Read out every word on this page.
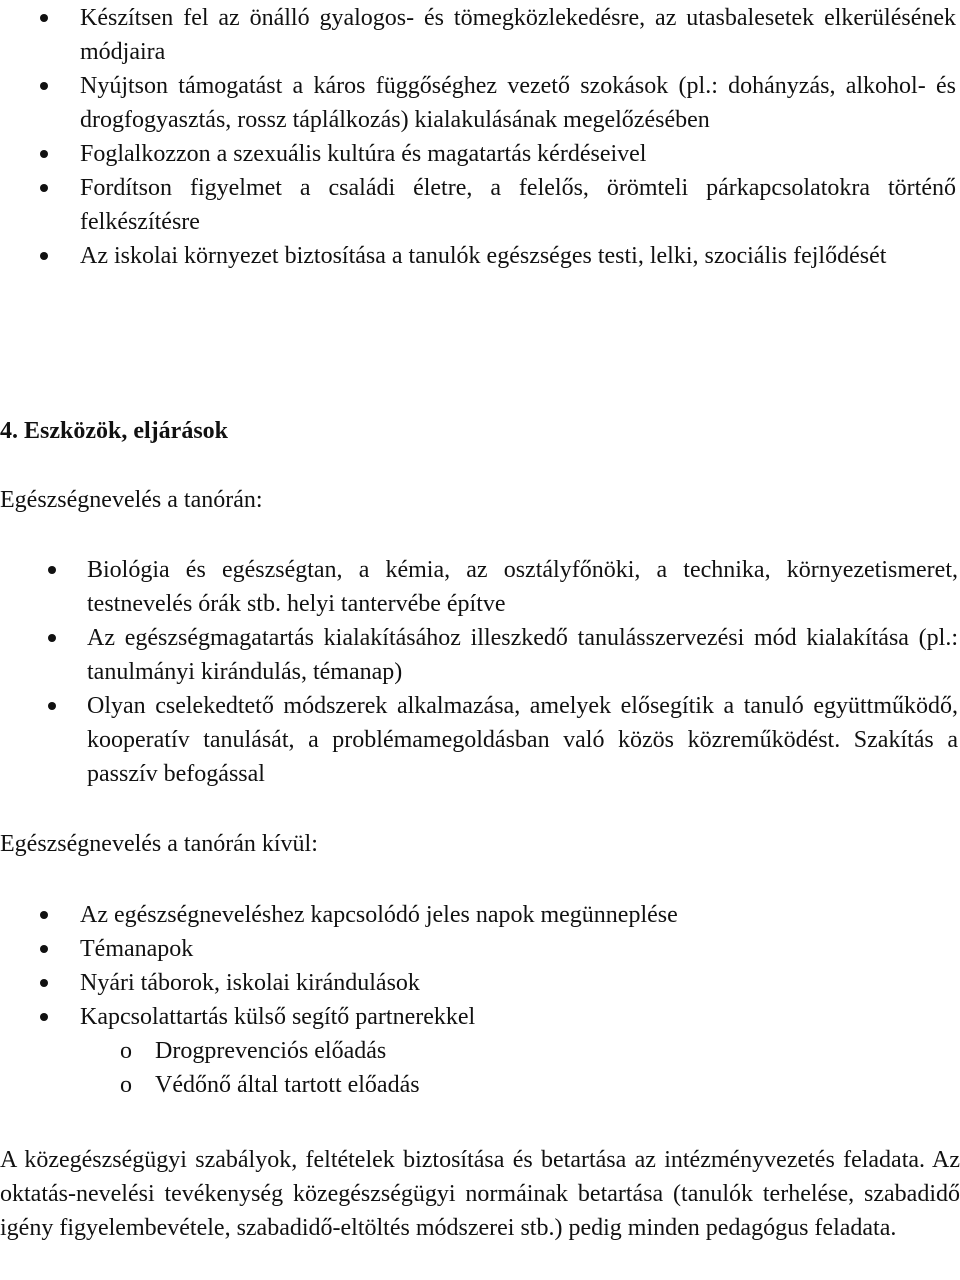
Készítsen fel az önálló gyalogos- és tömegközlekedésre, az utasbalesetek elkerülésének módjaira
Nyújtson támogatást a káros függőséghez vezető szokások (pl.: dohányzás, alkohol- és drogfogyasztás, rossz táplálkozás) kialakulásának megelőzésében
Foglalkozzon a szexuális kultúra és magatartás kérdéseivel
Fordítson figyelmet a családi életre, a felelős, örömteli párkapcsolatokra történő felkészítésre
Az iskolai környezet biztosítása a tanulók egészséges testi, lelki, szociális fejlődését
4. Eszközök, eljárások

Egészségnevelés a tanórán:

Biológia és egészségtan, a kémia, az osztályfőnöki, a technika, környezetismeret, testnevelés órák stb. helyi tantervébe építve
Az egészségmagatartás kialakításához illeszkedő tanulásszervezési mód kialakítása (pl.: tanulmányi kirándulás, témanap)
Olyan cselekedtető módszerek alkalmazása, amelyek elősegítik a tanuló együttműködő, kooperatív tanulását, a problémamegoldásban való közös közreműködést. Szakítás a passzív befogással

Egészségnevelés a tanórán kívül:

Az egészségneveléshez kapcsolódó jeles napok megünneplése
Témanapok
Nyári táborok, iskolai kirándulások
Kapcsolattartás külső segítő partnerekkel
o Drogprevenciós előadás
o Védőnő által tartott előadás

A közegészségügyi szabályok, feltételek biztosítása és betartása az intézményvezetés feladata. Az oktatás-nevelési tevékenység közegészségügyi normáinak betartása (tanulók terhelése, szabadidő igény figyelembevétele, szabadidő-eltöltés módszerei stb.) pedig minden pedagógus feladata.
